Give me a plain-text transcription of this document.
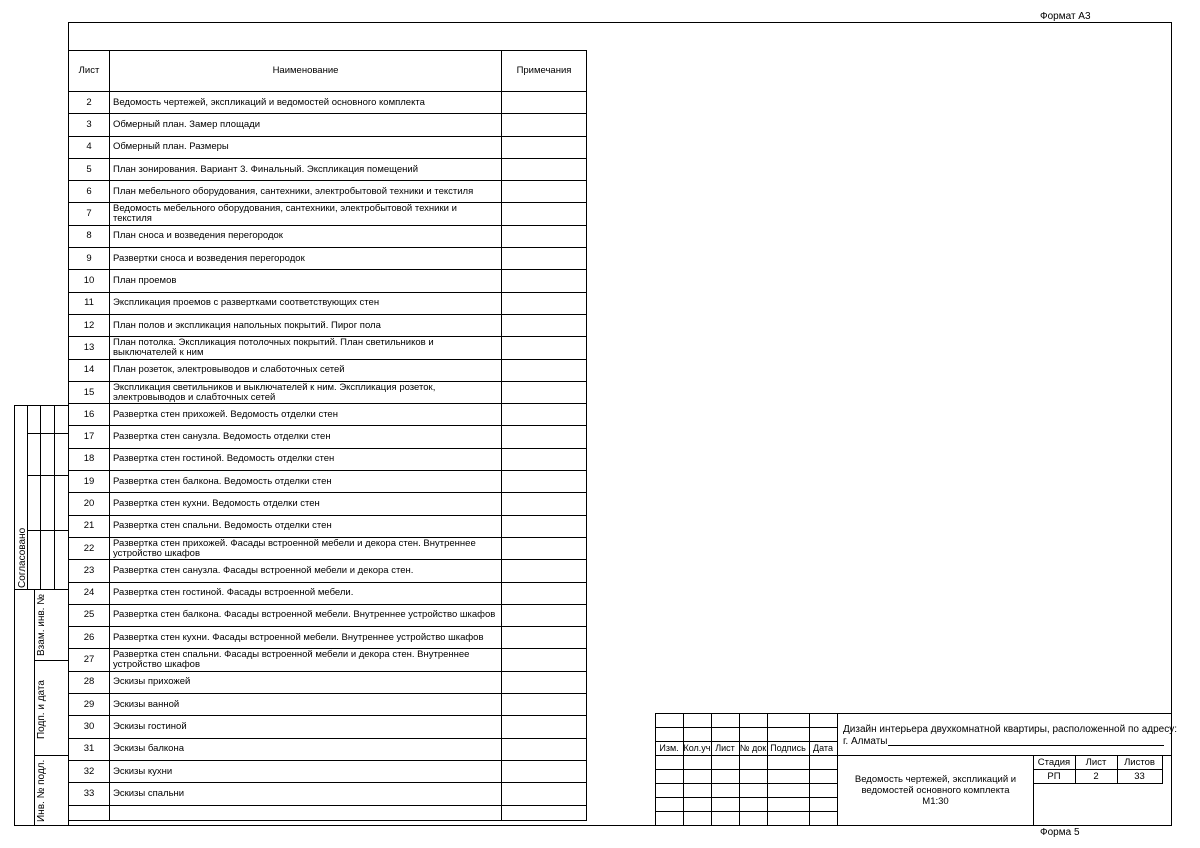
Формат А3
Форма 5
Согласовано
Взам. инв. №
Подп. и дата
Инв. № подл.
Лист	Наименование	Примечания
2	Ведомость чертежей, экспликаций и ведомостей основного комплекта	
3	Обмерный план. Замер площади	
4	Обмерный план. Размеры	
5	План зонирования. Вариант 3. Финальный. Экспликация помещений	
6	План мебельного оборудования, сантехники, электробытовой техники и текстиля	
7	Ведомость мебельного оборудования, сантехники, электробытовой техники и текстиля	
8	План сноса и возведения перегородок	
9	Развертки сноса и возведения перегородок	
10	План проемов	
11	Экспликация проемов с развертками соответствующих стен	
12	План полов и экспликация напольных покрытий. Пирог пола	
13	План потолка. Экспликация потолочных покрытий. План светильников и выключателей к ним	
14	План розеток, электровыводов и слаботочных сетей	
15	Экспликация светильников и выключателей к ним. Экспликация розеток, электровыводов и слабточных сетей	
16	Развертка стен прихожей. Ведомость отделки стен	
17	Развертка стен санузла. Ведомость отделки стен	
18	Развертка стен гостиной. Ведомость отделки стен	
19	Развертка стен балкона. Ведомость отделки стен	
20	Развертка стен кухни. Ведомость отделки стен	
21	Развертка стен спальни. Ведомость отделки стен	
22	Развертка стен прихожей. Фасады встроенной мебели и декора стен. Внутреннее устройство шкафов	
23	Развертка стен санузла. Фасады встроенной мебели и декора стен.	
24	Развертка стен гостиной. Фасады встроенной мебели.	
25	Развертка стен балкона. Фасады встроенной мебели. Внутреннее устройство шкафов	
26	Развертка стен кухни. Фасады встроенной мебели. Внутреннее устройство шкафов	
27	Развертка стен спальни. Фасады встроенной мебели и декора стен. Внутреннее устройство шкафов	
28	Эскизы прихожей	
29	Эскизы ванной	
30	Эскизы гостиной	
31	Эскизы балкона	
32	Эскизы кухни	
33	Эскизы спальни	

Дизайн интерьера двухкомнатной квартиры, расположенной по адресу:
г. Алматы
Изм. Кол.уч Лист № док Подпись Дата
Ведомость чертежей, экспликаций и
ведомостей основного комплекта
М1:30
Стадия	Лист	Листов
РП	2	33
